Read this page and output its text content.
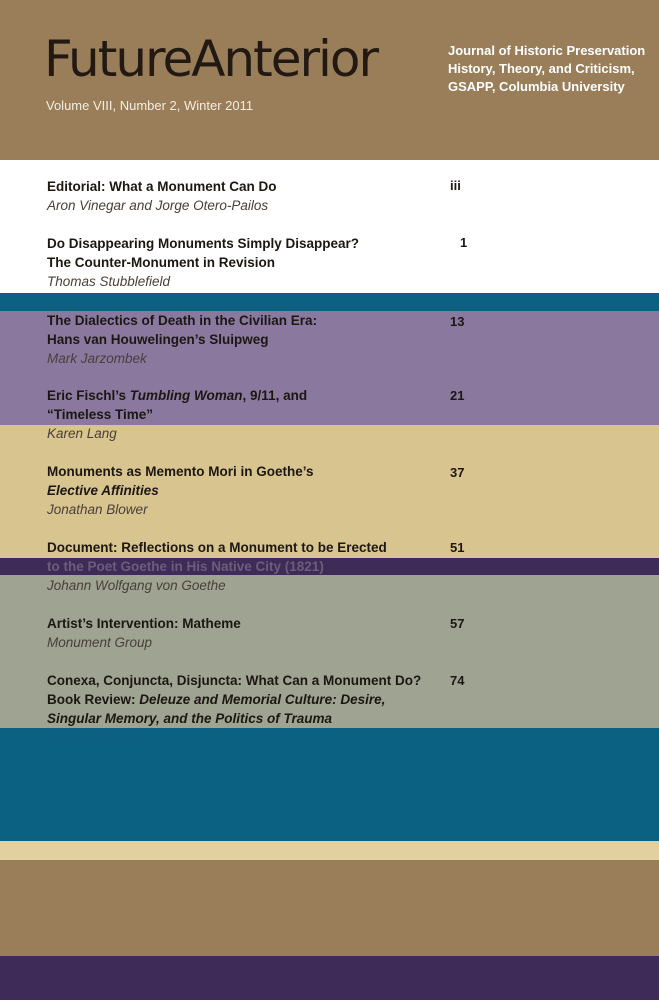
FutureAnterior
Volume VIII, Number 2, Winter 2011
Journal of Historic Preservation
History, Theory, and Criticism,
GSAPP, Columbia University
Editorial: What a Monument Can Do
Aron Vinegar and Jorge Otero-Pailos
iii
Do Disappearing Monuments Simply Disappear?
The Counter-Monument in Revision
Thomas Stubblefield
1
The Dialectics of Death in the Civilian Era:
Hans van Houwelingen’s Sluipweg
Mark Jarzombek
13
Eric Fischl’s Tumbling Woman, 9/11, and
“Timeless Time”
Karen Lang
21
Monuments as Memento Mori in Goethe’s
Elective Affinities
Jonathan Blower
37
Document: Reflections on a Monument to be Erected
to the Poet Goethe in His Native City (1821)
Johann Wolfgang von Goethe
51
Artist’s Intervention: Matheme
Monument Group
57
Conexa, Conjuncta, Disjuncta: What Can a Monument Do?
Book Review: Deleuze and Memorial Culture: Desire,
Singular Memory, and the Politics of Trauma
Helene Frichot
74
